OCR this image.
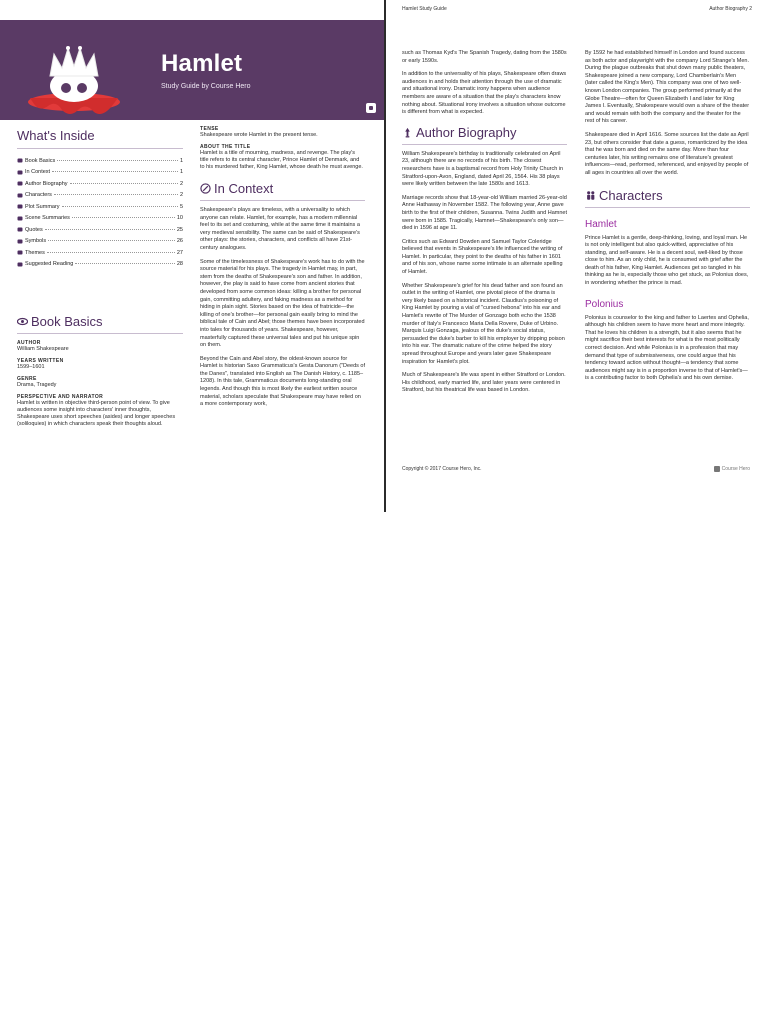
Hamlet
Study Guide by Course Hero
What's Inside
Book Basics	1
In Context	1
Author Biography	2
Characters	2
Plot Summary	5
Scene Summaries	10
Quotes	25
Symbols	26
Themes	27
Suggested Reading	28
Book Basics
AUTHOR
William Shakespeare
YEARS WRITTEN
1599–1601
GENRE
Drama, Tragedy
PERSPECTIVE AND NARRATOR
Hamlet is written in objective third-person point of view. To give audiences some insight into characters' inner thoughts, Shakespeare uses short speeches (asides) and longer speeches (soliloquies) in which characters speak their thoughts aloud.
TENSE
Shakespeare wrote Hamlet in the present tense.
ABOUT THE TITLE
Hamlet is a title of mourning, madness, and revenge. The play's title refers to its central character, Prince Hamlet of Denmark, and to his murdered father, King Hamlet, whose death he must avenge.
In Context

Shakespeare's plays are timeless, with a universality to which anyone can relate. Hamlet, for example, has a modern millennial feel to its set and costuming, while at the same time it maintains a very medieval sensibility. The same can be said of Shakespeare's other plays: the stories, characters, and conflicts all have 21st-century analogues.

Some of the timelessness of Shakespeare's work has to do with the source material for his plays. The tragedy in Hamlet may, in part, stem from the deaths of Shakespeare's son and father. In addition, however, the play is said to have come from ancient stories that developed from some common ideas: killing a brother for personal gain, committing adultery, and faking madness as a method for hiding in plain sight. Stories based on the idea of fratricide—the killing of one's brother—for personal gain easily bring to mind the biblical tale of Cain and Abel; those themes have been incorporated into tales for thousands of years. Shakespeare, however, masterfully captured these universal tales and put his unique spin on them.

Beyond the Cain and Abel story, the oldest-known source for Hamlet is historian Saxo Grammaticus's Gesta Danorum ("Deeds of the Danes", translated into English as The Danish History, c. 1185–1208). In this tale, Grammaticus documents long-standing oral legends. And though this is most likely the earliest written source material, scholars speculate that Shakespeare may have relied on a more contemporary work,

Hamlet Study Guide	Author Biography 2

such as Thomas Kyd's The Spanish Tragedy, dating from the 1580s or early 1590s.

In addition to the universality of his plays, Shakespeare often draws audiences in and holds their attention through the use of dramatic and situational irony. Dramatic irony happens when audience members are aware of a situation that the play's characters know nothing about. Situational irony involves a situation whose outcome is different from what is expected.

Author Biography

William Shakespeare's birthday is traditionally celebrated on April 23, although there are no records of his birth. The closest researchers have is a baptismal record from Holy Trinity Church in Stratford-upon-Avon, England, dated April 26, 1564. His 38 plays were likely written between the late 1580s and 1613.

Marriage records show that 18-year-old William married 26-year-old Anne Hathaway in November 1582. The following year, Anne gave birth to the first of their children, Susanna. Twins Judith and Hamnet were born in 1585. Tragically, Hamnet—Shakespeare's only son—died in 1596 at age 11.

Critics such as Edward Dowden and Samuel Taylor Coleridge believed that events in Shakespeare's life influenced the writing of Hamlet. In particular, they point to the deaths of his father in 1601 and of his son, whose name some intimate is an alternate spelling of Hamlet.

Whether Shakespeare's grief for his dead father and son found an outlet in the writing of Hamlet, one pivotal piece of the drama is very likely based on a historical incident. Claudius's poisoning of King Hamlet by pouring a vial of "cursed hebona" into his ear and Hamlet's rewrite of The Murder of Gonzago both echo the 1538 murder of Italy's Francesco Maria Della Rovere, Duke of Urbino. Marquis Luigi Gonzaga, jealous of the duke's social status, persuaded the duke's barber to kill his employer by dripping poison into his ear. The dramatic nature of the crime helped the story spread throughout Europe and years later gave Shakespeare inspiration for Hamlet's plot.

Much of Shakespeare's life was spent in either Stratford or London. His childhood, early married life, and later years were centered in Stratford, but his theatrical life was based in London.

By 1592 he had established himself in London and found success as both actor and playwright with the company Lord Strange's Men. During the plague outbreaks that shut down many public theaters, Shakespeare joined a new company, Lord Chamberlain's Men (later called the King's Men). This company was one of two well-known London companies. The group performed primarily at the Globe Theatre—often for Queen Elizabeth I and later for King James I. Eventually, Shakespeare would own a share of the theater and would remain with both the company and the theater for the rest of his career.

Shakespeare died in April 1616. Some sources list the date as April 23, but others consider that date a guess, romanticized by the idea that he was born and died on the same day. More than four centuries later, his writing remains one of literature's greatest influences—read, performed, referenced, and enjoyed by people of all ages in countries all over the world.

Characters
Hamlet

Prince Hamlet is a gentle, deep-thinking, loving, and loyal man. He is not only intelligent but also quick-witted, appreciative of his standing, and self-aware. He is a decent soul, well-liked by those close to him. As an only child, he is consumed with grief after the death of his father, King Hamlet. Audiences get so tangled in his thinking as he is, especially those who get stuck, as Polonius does, in wondering whether the prince is mad.

Polonius

Polonius is counselor to the king and father to Laertes and Ophelia, although his children seem to have more heart and more integrity. That he loves his children is a strength, but it also seems that he might sacrifice their best interests for what is the most politically correct decision. And while Polonius is in a profession that may demand that type of submissiveness, one could argue that his tendency toward action without thought—a tendency that some audiences might say is in a proportion inverse to that of Hamlet's—is a contributing factor to both Ophelia's and his own demise.

Copyright © 2017 Course Hero, Inc.	Course Hero
